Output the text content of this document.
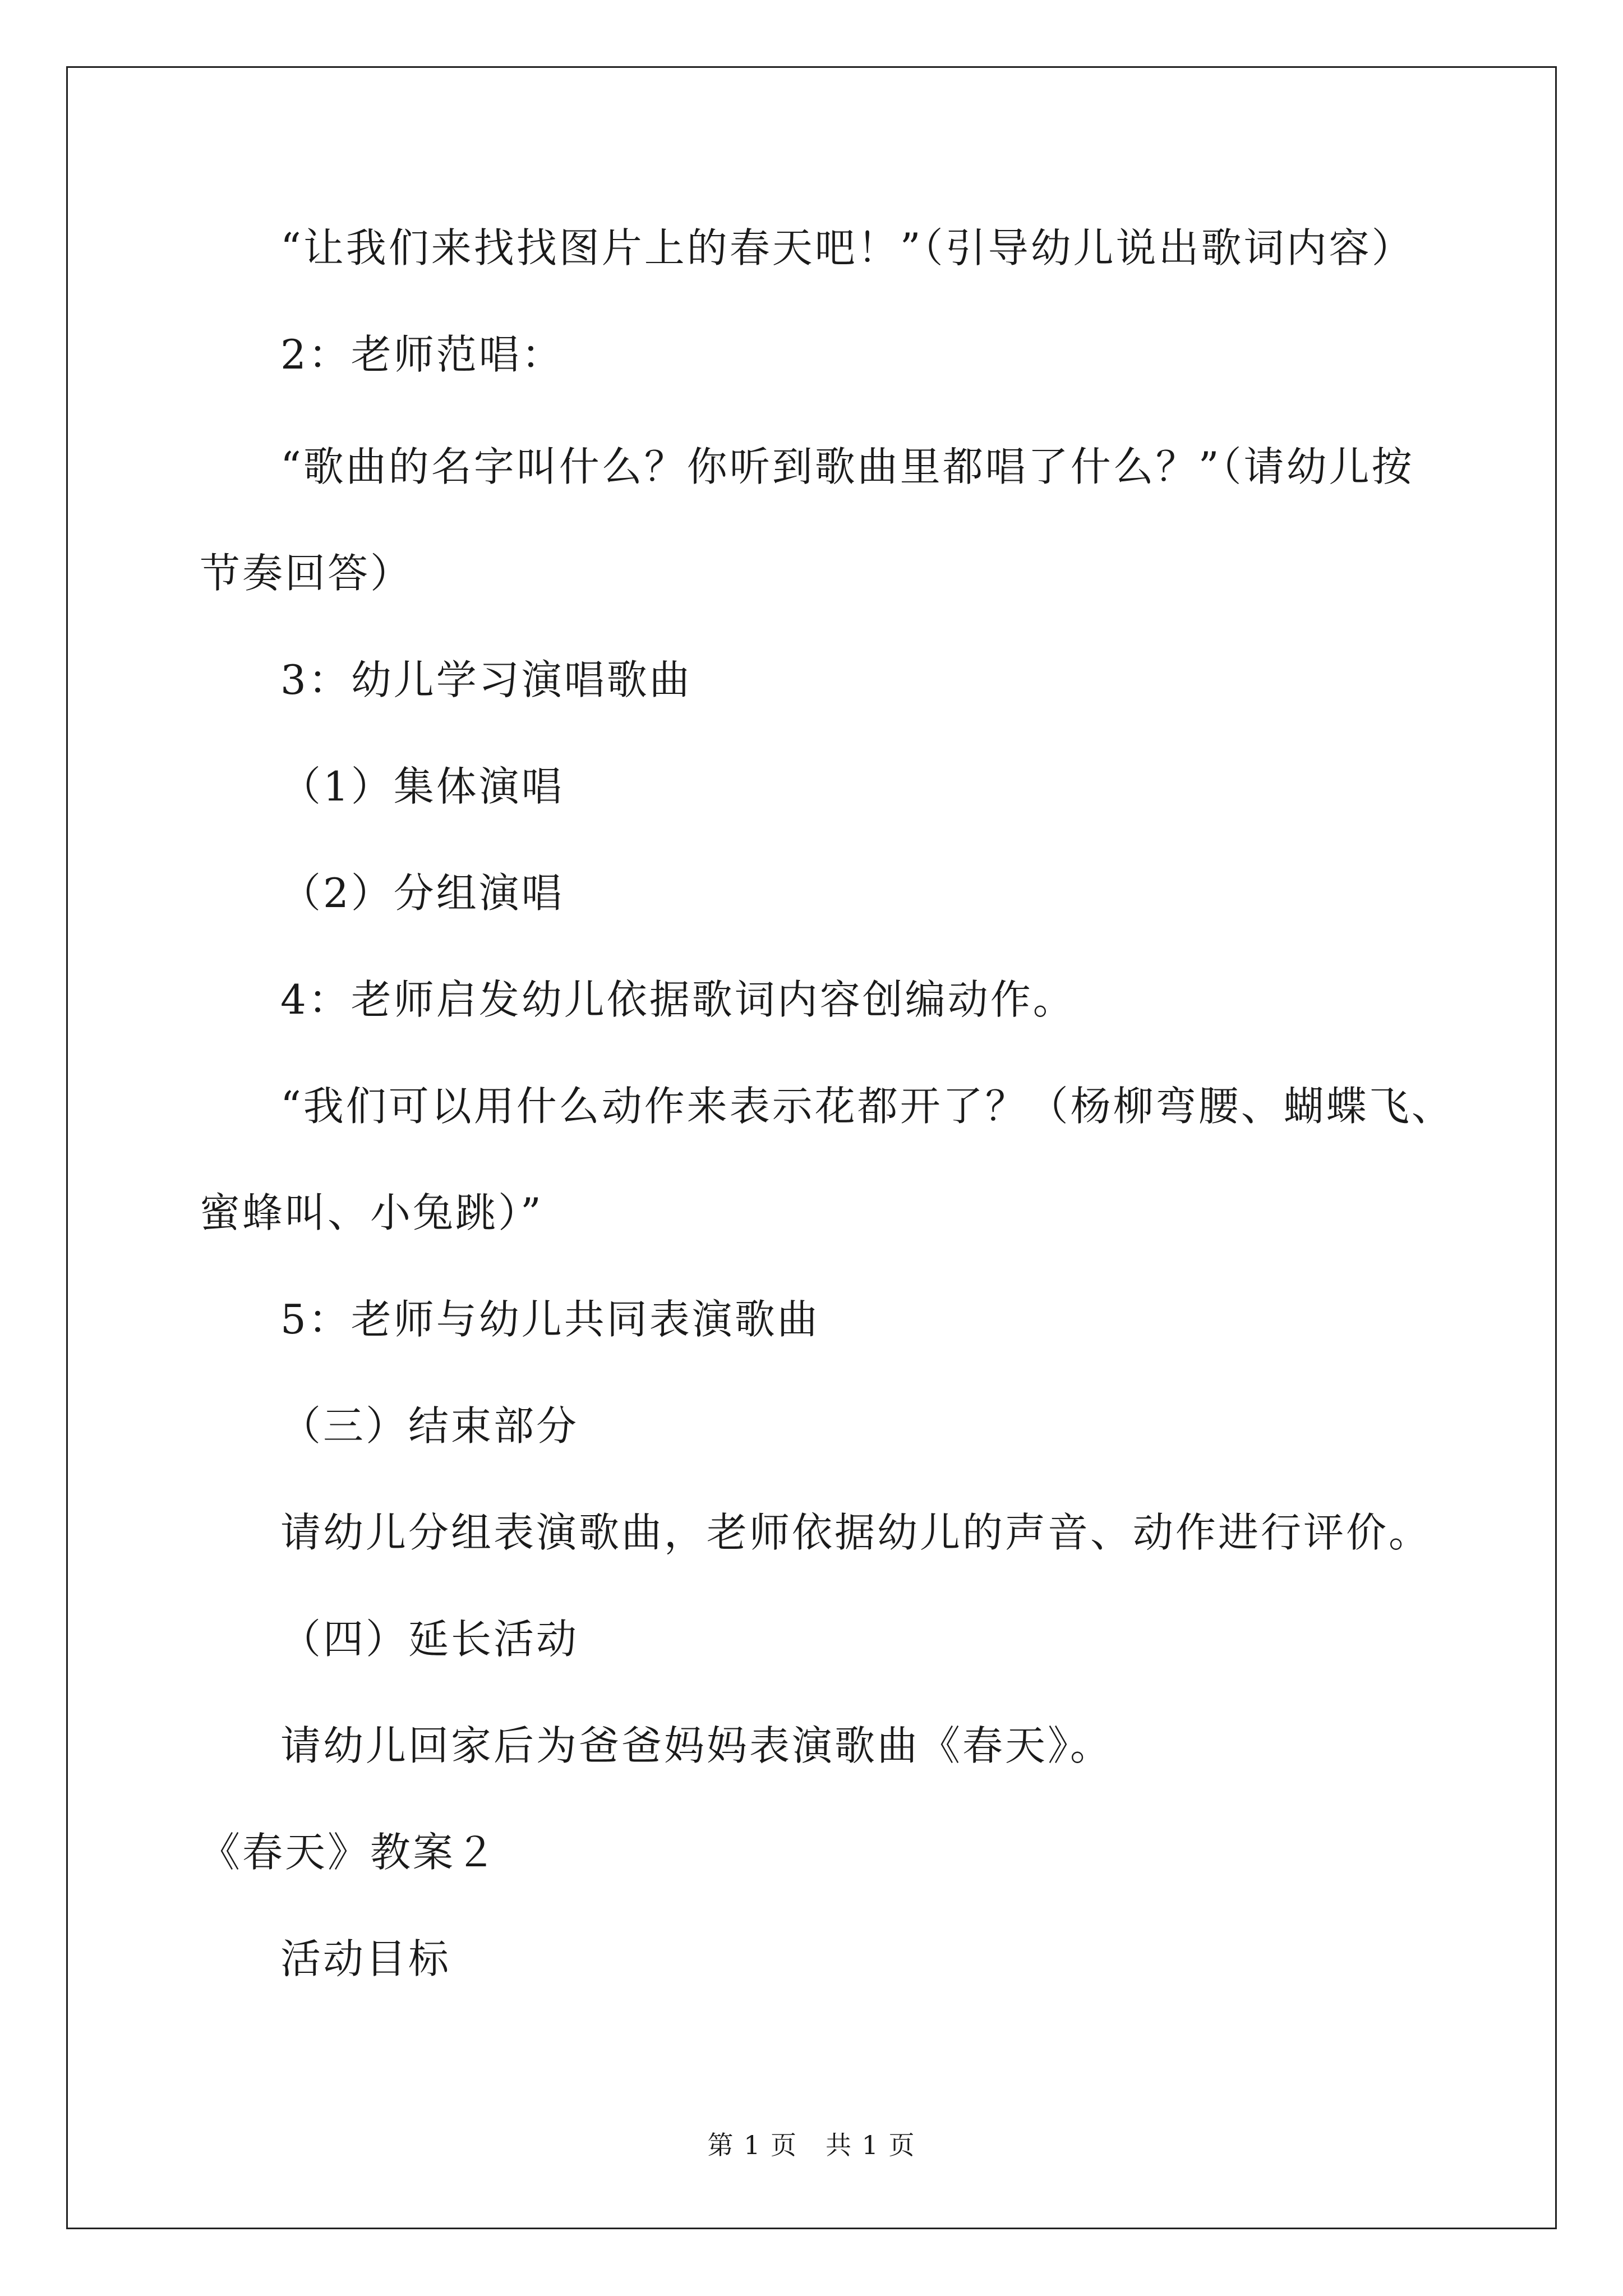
“让我们来找找图片上的春天吧！”（引导幼儿说出歌词内容）
2：老师范唱：
“歌曲的名字叫什么？你听到歌曲里都唱了什么？”（请幼儿按
节奏回答）
3：幼儿学习演唱歌曲
（1）集体演唱
（2）分组演唱
4：老师启发幼儿依据歌词内容创编动作。
“我们可以用什么动作来表示花都开了？（杨柳弯腰、蝴蝶飞、
蜜蜂叫、小兔跳）”
5：老师与幼儿共同表演歌曲
（三）结束部分
请幼儿分组表演歌曲，老师依据幼儿的声音、动作进行评价。
（四）延长活动
请幼儿回家后为爸爸妈妈表演歌曲《春天》。
《春天》教案２
活动目标
第 1 页 共 1 页
